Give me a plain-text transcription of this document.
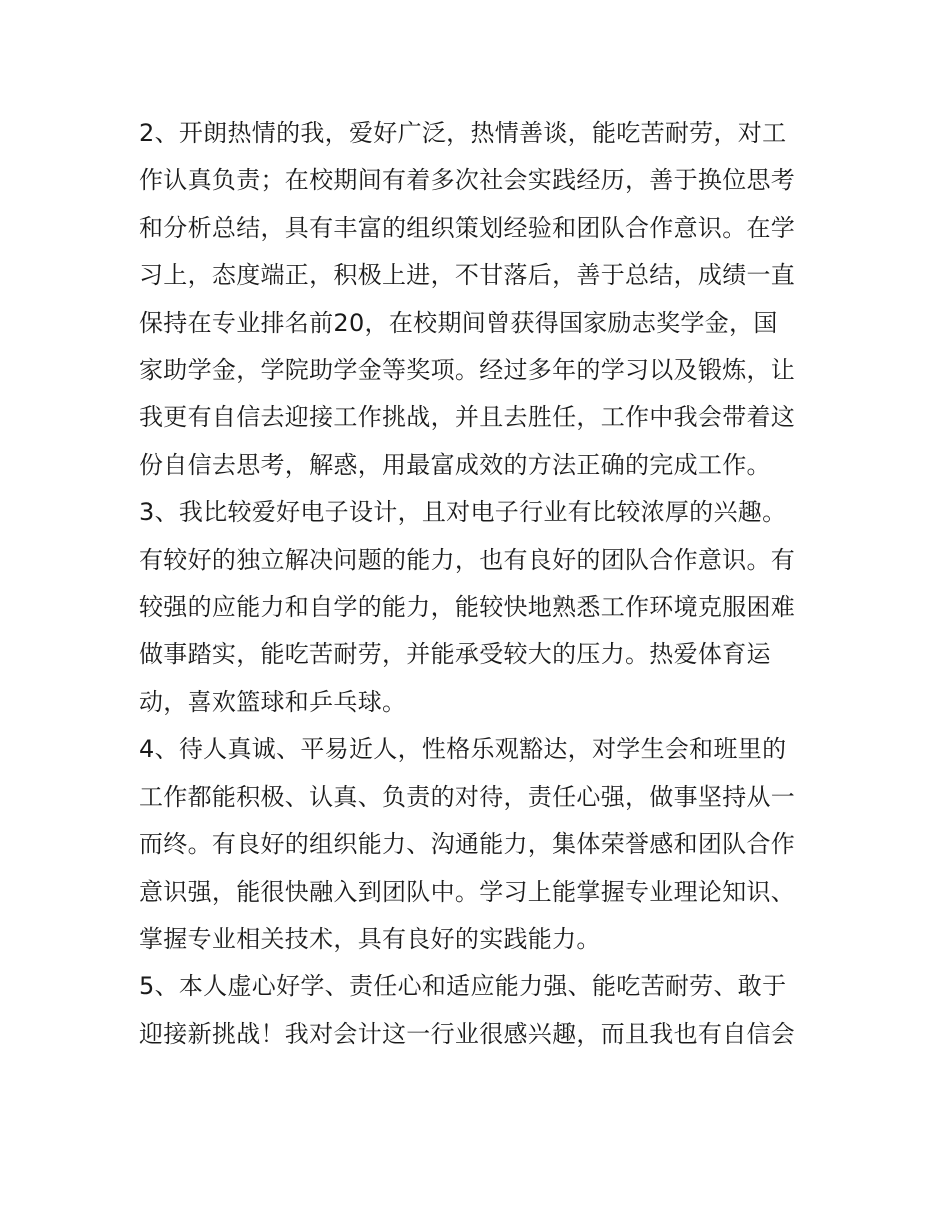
2、开朗热情的我，爱好广泛，热情善谈，能吃苦耐劳，对工
作认真负责；在校期间有着多次社会实践经历，善于换位思考
和分析总结，具有丰富的组织策划经验和团队合作意识。在学
习上，态度端正，积极上进，不甘落后，善于总结，成绩一直
保持在专业排名前20，在校期间曾获得国家励志奖学金，国
家助学金，学院助学金等奖项。经过多年的学习以及锻炼，让
我更有自信去迎接工作挑战，并且去胜任，工作中我会带着这
份自信去思考，解惑，用最富成效的方法正确的完成工作。
3、我比较爱好电子设计，且对电子行业有比较浓厚的兴趣。
有较好的独立解决问题的能力，也有良好的团队合作意识。有
较强的应能力和自学的能力，能较快地熟悉工作环境克服困难
做事踏实，能吃苦耐劳，并能承受较大的压力。热爱体育运
动，喜欢篮球和乒乓球。
4、待人真诚、平易近人，性格乐观豁达，对学生会和班里的
工作都能积极、认真、负责的对待，责任心强，做事坚持从一
而终。有良好的组织能力、沟通能力，集体荣誉感和团队合作
意识强，能很快融入到团队中。学习上能掌握专业理论知识、
掌握专业相关技术，具有良好的实践能力。
5、本人虚心好学、责任心和适应能力强、能吃苦耐劳、敢于
迎接新挑战！我对会计这一行业很感兴趣，而且我也有自信会
